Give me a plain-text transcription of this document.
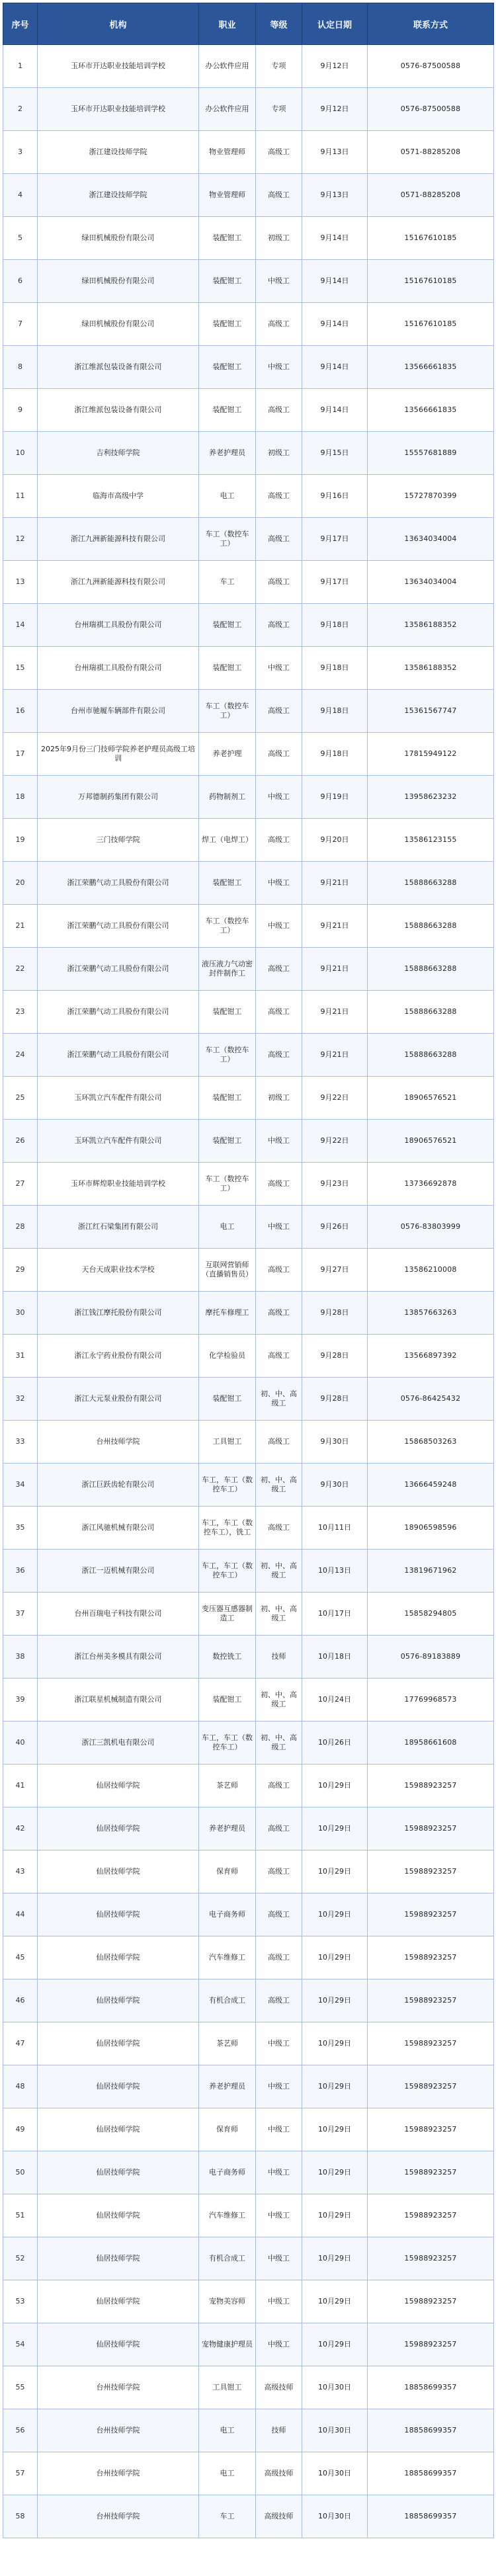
序号	机构	职业	等级	认定日期	联系方式
1	玉环市开达职业技能培训学校	办公软件应用	专项	9月12日	0576-87500588
2	玉环市开达职业技能培训学校	办公软件应用	专项	9月12日	0576-87500588
3	浙江建设技师学院	物业管理师	高级工	9月13日	0571-88285208
4	浙江建设技师学院	物业管理师	高级工	9月13日	0571-88285208
5	绿田机械股份有限公司	装配钳工	初级工	9月14日	15167610185
6	绿田机械股份有限公司	装配钳工	中级工	9月14日	15167610185
7	绿田机械股份有限公司	装配钳工	高级工	9月14日	15167610185
8	浙江维派包装设备有限公司	装配钳工	中级工	9月14日	13566661835
9	浙江维派包装设备有限公司	装配钳工	高级工	9月14日	13566661835
10	吉利技师学院	养老护理员	初级工	9月15日	15557681889
11	临海市高级中学	电工	高级工	9月16日	15727870399
12	浙江九洲新能源科技有限公司	车工（数控车工）	高级工	9月17日	13634034004
13	浙江九洲新能源科技有限公司	车工	高级工	9月17日	13634034004
14	台州瑞祺工具股份有限公司	装配钳工	高级工	9月18日	13586188352
15	台州瑞祺工具股份有限公司	装配钳工	中级工	9月18日	13586188352
16	台州市驰履车辆部件有限公司	车工（数控车工）	高级工	9月18日	15361567747
17	2025年9月份三门技师学院养老护理员高级工培训	养老护理	高级工	9月18日	17815949122
18	万邦德制药集团有限公司	药物制剂工	中级工	9月19日	13958623232
19	三门技师学院	焊工（电焊工）	高级工	9月20日	13586123155
20	浙江荣鹏气动工具股份有限公司	装配钳工	中级工	9月21日	15888663288
21	浙江荣鹏气动工具股份有限公司	车工（数控车工）	中级工	9月21日	15888663288
22	浙江荣鹏气动工具股份有限公司	液压液力气动密封件制作工	高级工	9月21日	15888663288
23	浙江荣鹏气动工具股份有限公司	装配钳工	高级工	9月21日	15888663288
24	浙江荣鹏气动工具股份有限公司	车工（数控车工）	高级工	9月21日	15888663288
25	玉环凯立汽车配件有限公司	装配钳工	初级工	9月22日	18906576521
26	玉环凯立汽车配件有限公司	装配钳工	中级工	9月22日	18906576521
27	玉环市辉煌职业技能培训学校	车工（数控车工）	高级工	9月23日	13736692878
28	浙江红石梁集团有限公司	电工	中级工	9月26日	0576-83803999
29	天台天成职业技术学校	互联网营销师（直播销售员）	高级工	9月27日	13586210008
30	浙江钱江摩托股份有限公司	摩托车修理工	高级工	9月28日	13857663263
31	浙江永宁药业股份有限公司	化学检验员	高级工	9月28日	13566897392
32	浙江大元泵业股份有限公司	装配钳工	初、中、高级工	9月28日	0576-86425432
33	台州技师学院	工具钳工	高级工	9月30日	15868503263
34	浙江巨跃齿轮有限公司	车工，车工（数控车工）	初、中、高级工	9月30日	13666459248
35	浙江风驰机械有限公司	车工，车工（数控车工），铣工	高级工	10月11日	18906598596
36	浙江一迈机械有限公司	车工，车工（数控车工）	初、中、高级工	10月13日	13819671962
37	台州百瑞电子科技有限公司	变压器互感器制造工	初、中、高级工	10月17日	15858294805
38	浙江台州美多模具有限公司	数控铣工	技师	10月18日	0576-89183889
39	浙江联星机械制造有限公司	装配钳工	初、中、高级工	10月24日	17769968573
40	浙江三凯机电有限公司	车工，车工（数控车工）	初、中、高级工	10月26日	18958661608
41	仙居技师学院	茶艺师	高级工	10月29日	15988923257
42	仙居技师学院	养老护理员	高级工	10月29日	15988923257
43	仙居技师学院	保育师	高级工	10月29日	15988923257
44	仙居技师学院	电子商务师	高级工	10月29日	15988923257
45	仙居技师学院	汽车维修工	高级工	10月29日	15988923257
46	仙居技师学院	有机合成工	高级工	10月29日	15988923257
47	仙居技师学院	茶艺师	中级工	10月29日	15988923257
48	仙居技师学院	养老护理员	中级工	10月29日	15988923257
49	仙居技师学院	保育师	中级工	10月29日	15988923257
50	仙居技师学院	电子商务师	中级工	10月29日	15988923257
51	仙居技师学院	汽车维修工	中级工	10月29日	15988923257
52	仙居技师学院	有机合成工	中级工	10月29日	15988923257
53	仙居技师学院	宠物美容师	中级工	10月29日	15988923257
54	仙居技师学院	宠物健康护理员	中级工	10月29日	15988923257
55	台州技师学院	工具钳工	高级技师	10月30日	18858699357
56	台州技师学院	电工	技师	10月30日	18858699357
57	台州技师学院	电工	高级技师	10月30日	18858699357
58	台州技师学院	车工	高级技师	10月30日	18858699357
